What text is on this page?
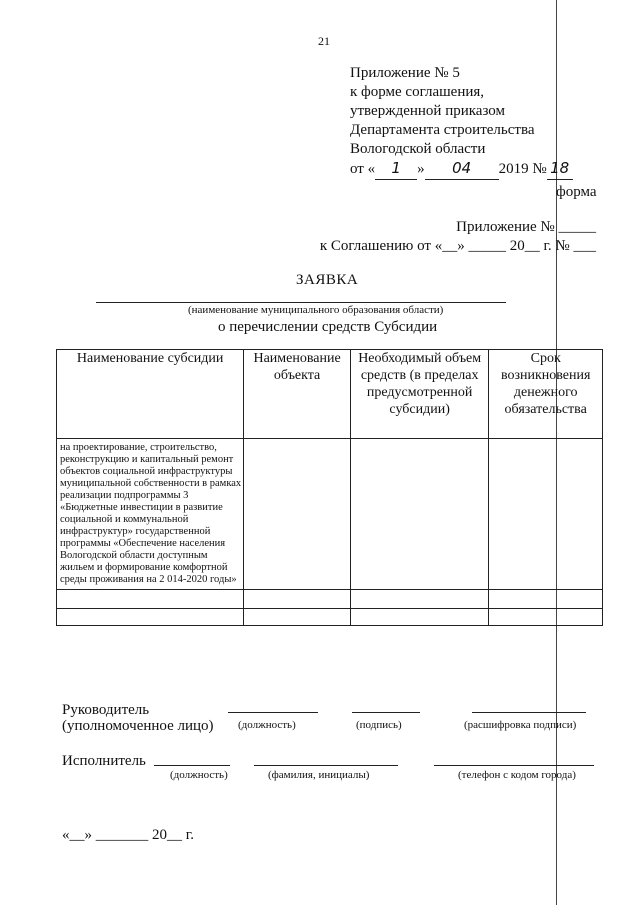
21
Приложение № 5
к форме соглашения,
утвержденной приказом
Департамента строительства
Вологодской области
от « 1 » 04 2019 № 18
форма
Приложение № _____
к Соглашению от «__» _____ 20__ г. № ___
ЗАЯВКА
(наименование муниципального образования области)
о перечислении средств Субсидии
Наименование субсидии	Наименование объекта	Необходимый объем средств (в пределах предусмотренной субсидии)	Срок возникновения денежного обязательства
на проектирование, строительство, реконструкцию и капитальный ремонт объектов социальной инфраструктуры муниципальной собственности в рамках реализации подпрограммы 3 «Бюджетные инвестиции в развитие социальной и коммунальной инфраструктур» государственной программы «Обеспечение населения Вологодской области доступным жильем и формирование комфортной среды проживания на 2 014-2020 годы»			

Руководитель
(уполномоченное лицо) (должность)	(подпись)	(расшифровка подписи)
Исполнитель
(должность)	(фамилия, инициалы)	(телефон с кодом города)
«__» _______ 20__ г.
